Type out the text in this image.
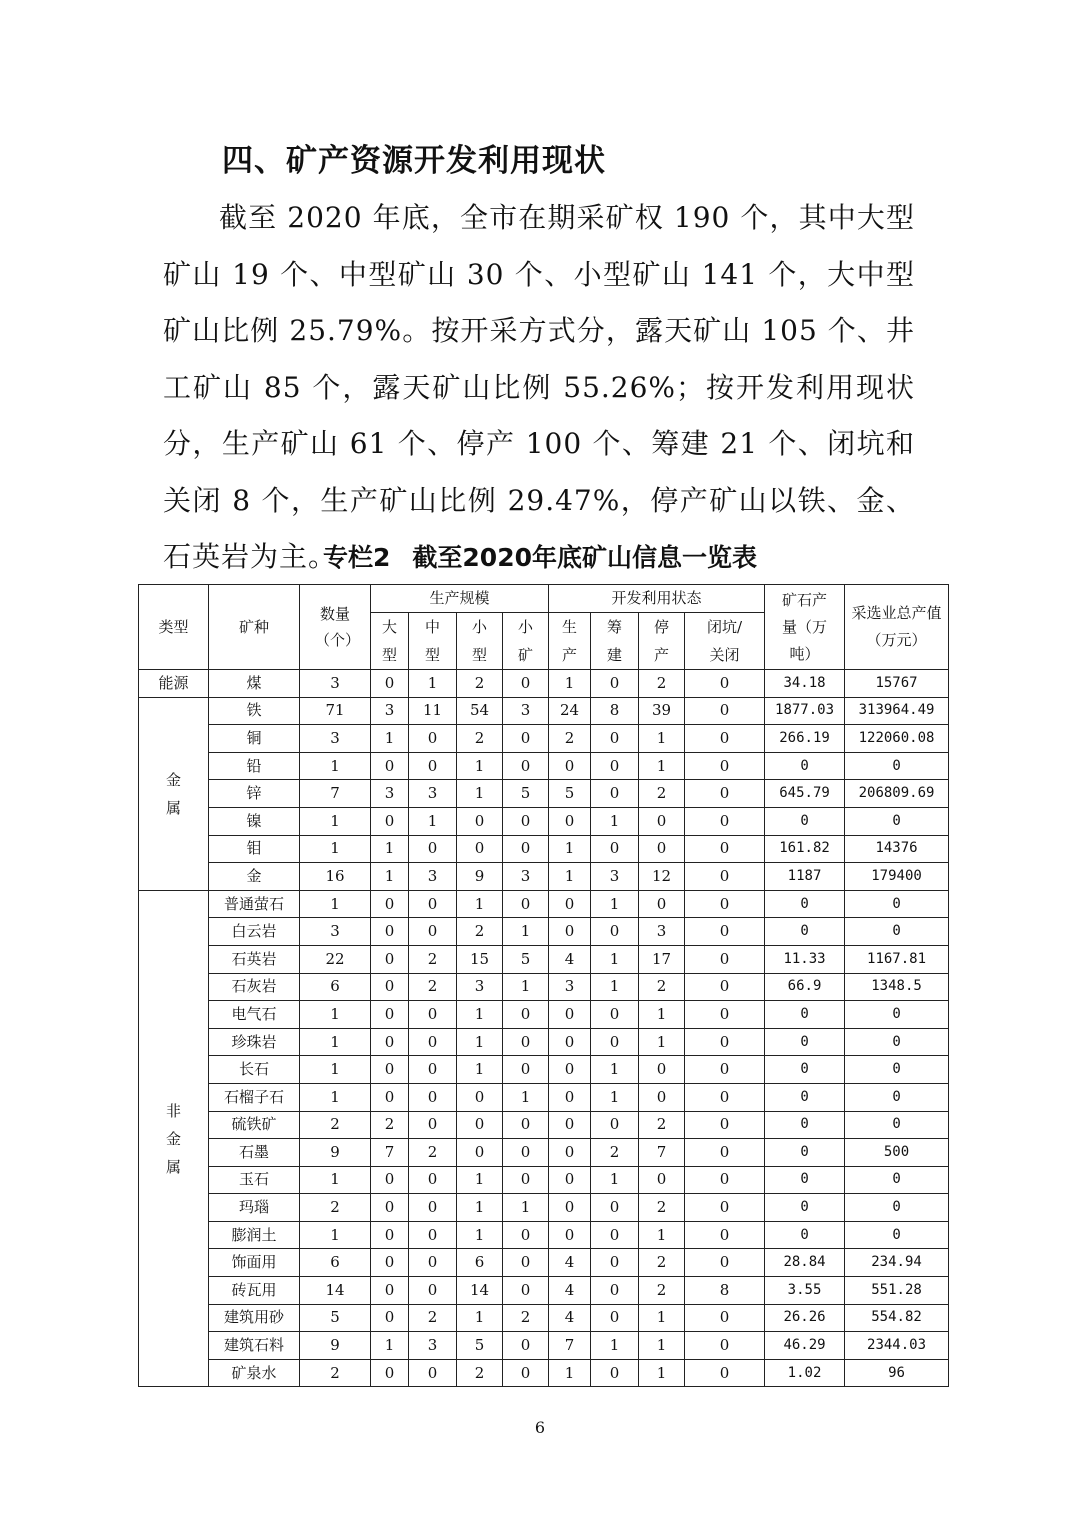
四、矿产资源开发利用现状

截至 2020 年底，全市在期采矿权 190 个，其中大型矿山 19 个、中型矿山 30 个、小型矿山 141 个，大中型矿山比例 25.79%。按开采方式分，露天矿山 105 个、井工矿山 85 个，露天矿山比例 55.26%；按开发利用现状分，生产矿山 61 个、停产 100 个、筹建 21 个、闭坑和关闭 8 个，生产矿山比例 29.47%，停产矿山以铁、金、石英岩为主。

专栏2 截至2020年底矿山信息一览表
类型	矿种	数量（个）	生产规模				开发利用状态				矿石产量（万吨）	采选业总产值（万元）

			大型	中型	小型	小矿	生产	筹建	停产	闭坑/关闭		

能源	煤	3	0	1	2	0	1	0	2	0	34.18	15767

金属	铁	71	3	11	54	3	24	8	39	0	1877.03	313964.49
	铜	3	1	0	2	0	2	0	1	0	266.19	122060.08
	铅	1	0	0	1	0	0	0	1	0	0	0
	锌	7	3	3	1	5	5	0	2	0	645.79	206809.69
	镍	1	0	1	0	0	0	1	0	0	0	0
	钼	1	1	0	0	0	1	0	0	0	161.82	14376
	金	16	1	3	9	3	1	3	12	0	1187	179400

非金属	普通萤石	1	0	0	1	0	0	1	0	0	0	0
	白云岩	3	0	0	2	1	0	0	3	0	0	0
	石英岩	22	0	2	15	5	4	1	17	0	11.33	1167.81
	石灰岩	6	0	2	3	1	3	1	2	0	66.9	1348.5
	电气石	1	0	0	1	0	0	0	1	0	0	0
	珍珠岩	1	0	0	1	0	0	0	1	0	0	0
	长石	1	0	0	1	0	0	1	0	0	0	0
	石榴子石	1	0	0	0	1	0	1	0	0	0	0
	硫铁矿	2	2	0	0	0	0	0	2	0	0	0
	石墨	9	7	2	0	0	0	2	7	0	0	500
	玉石	1	0	0	1	0	0	1	0	0	0	0
	玛瑙	2	0	0	1	1	0	0	2	0	0	0
	膨润土	1	0	0	1	0	0	0	1	0	0	0
	饰面用	6	0	0	6	0	4	0	2	0	28.84	234.94
	砖瓦用	14	0	0	14	0	4	0	2	8	3.55	551.28
	建筑用砂	5	0	2	1	2	4	0	1	0	26.26	554.82
	建筑石料	9	1	3	5	0	7	1	1	0	46.29	2344.03
	矿泉水	2	0	0	2	0	1	0	1	0	1.02	96
6
